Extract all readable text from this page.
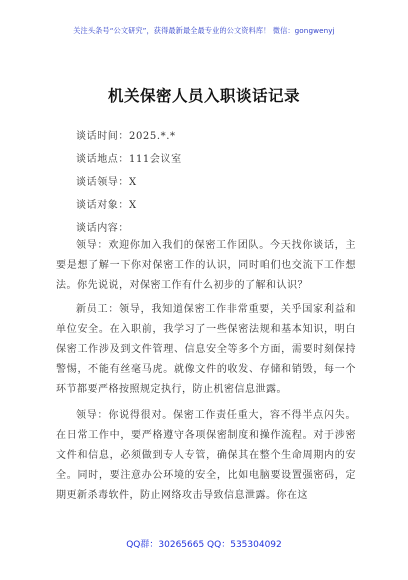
关注头条号“公文研究”，获得最新最全最专业的公文资料库！ 微信：gongwenyj
机关保密人员入职谈话记录
谈话时间：2025.*.*
谈话地点：111会议室
谈话领导：X
谈话对象：X
谈话内容：

领导：欢迎你加入我们的保密工作团队。今天找你谈话，主要是想了解一下你对保密工作的认识，同时咱们也交流下工作想法。你先说说，对保密工作有什么初步的了解和认识？

新员工：领导，我知道保密工作非常重要，关乎国家利益和单位安全。在入职前，我学习了一些保密法规和基本知识，明白保密工作涉及到文件管理、信息安全等多个方面，需要时刻保持警惕，不能有丝毫马虎。就像文件的收发、存储和销毁，每一个环节都要严格按照规定执行，防止机密信息泄露。

领导：你说得很对。保密工作责任重大，容不得半点闪失。在日常工作中，要严格遵守各项保密制度和操作流程。对于涉密文件和信息，必须做到专人专管，确保其在整个生命周期内的安全。同时，要注意办公环境的安全，比如电脑要设置强密码，定期更新杀毒软件，防止网络攻击导致信息泄露。你在这

QQ群：30265665 QQ：535304092
